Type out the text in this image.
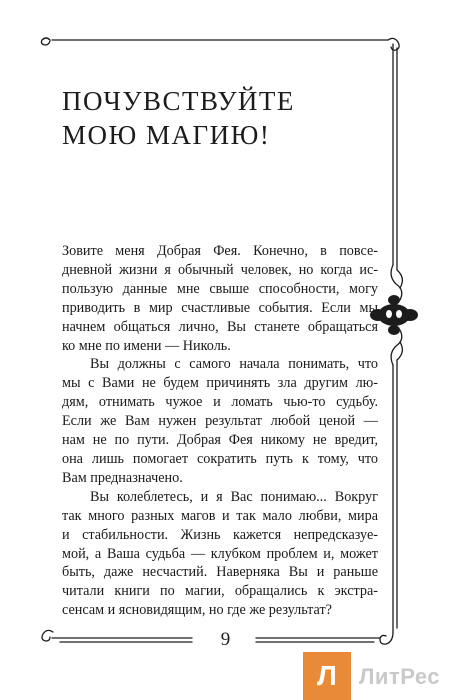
ПОЧУВСТВУЙТЕ
МОЮ МАГИЮ!
Зовите меня Добрая Фея. Конечно, в повсе-
дневной жизни я обычный человек, но когда ис-
пользую данные мне свыше способности, могу
приводить в мир счастливые события. Если мы
начнем общаться лично, Вы станете обращаться
ко мне по имени — Николь.
Вы должны с самого начала понимать, что
мы с Вами не будем причинять зла другим лю-
дям, отнимать чужое и ломать чью-то судьбу.
Если же Вам нужен результат любой ценой —
нам не по пути. Добрая Фея никому не вредит,
она лишь помогает сократить путь к тому, что
Вам предназначено.
Вы колеблетесь, и я Вас понимаю... Вокруг
так много разных магов и так мало любви, мира
и стабильности. Жизнь кажется непредсказуе-
мой, а Ваша судьба — клубком проблем и, может
быть, даже несчастий. Наверняка Вы и раньше
читали книги по магии, обращались к экстра-
сенсам и ясновидящим, но где же результат?
9
Л	ЛитРес
